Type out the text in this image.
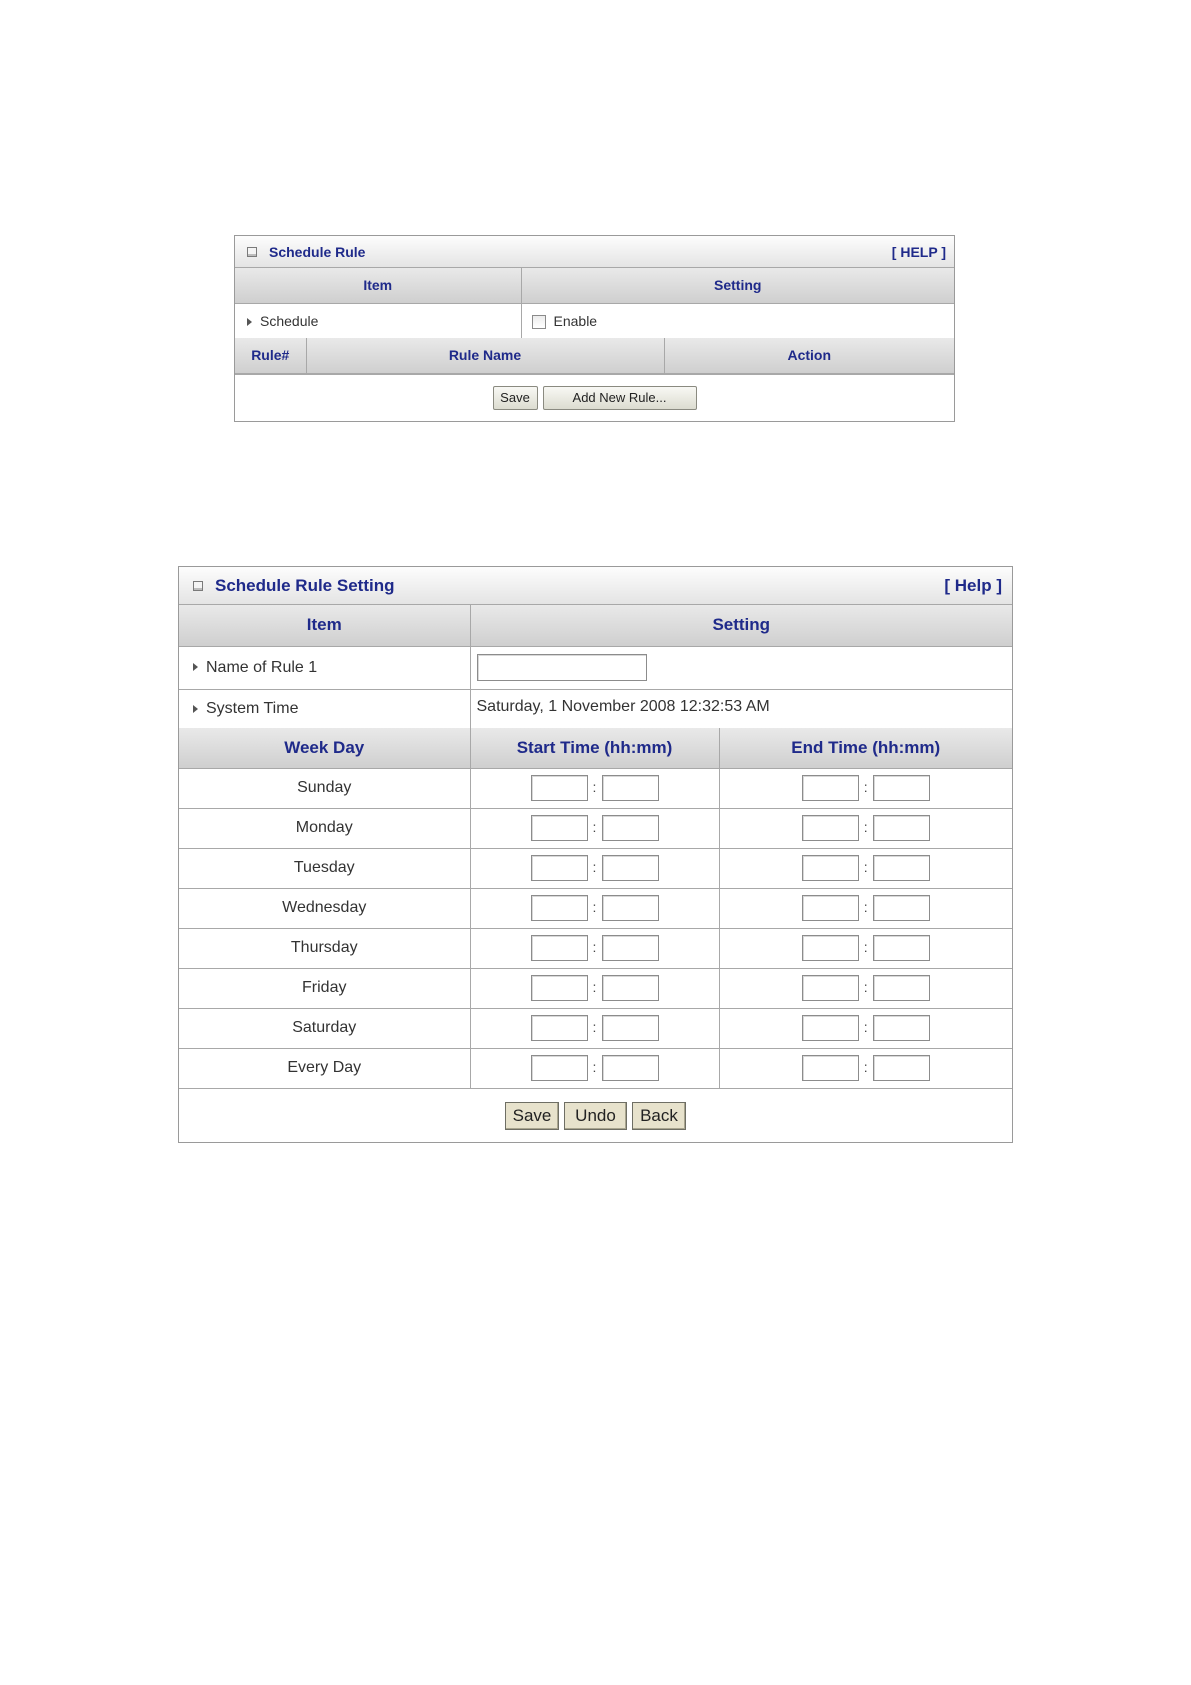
Schedule Rule	[ HELP ]
Item	Setting
Schedule	Enable
Rule#	Rule Name	Action
Save	Add New Rule...
Schedule Rule Setting	[ Help ]
Item	Setting
Name of Rule 1	
System Time	Saturday, 1 November 2008 12:32:53 AM
Week Day	Start Time (hh:mm)	End Time (hh:mm)
Sunday	:	:
Monday	:	:
Tuesday	:	:
Wednesday	:	:
Thursday	:	:
Friday	:	:
Saturday	:	:
Every Day	:	:
Save	Undo	Back
